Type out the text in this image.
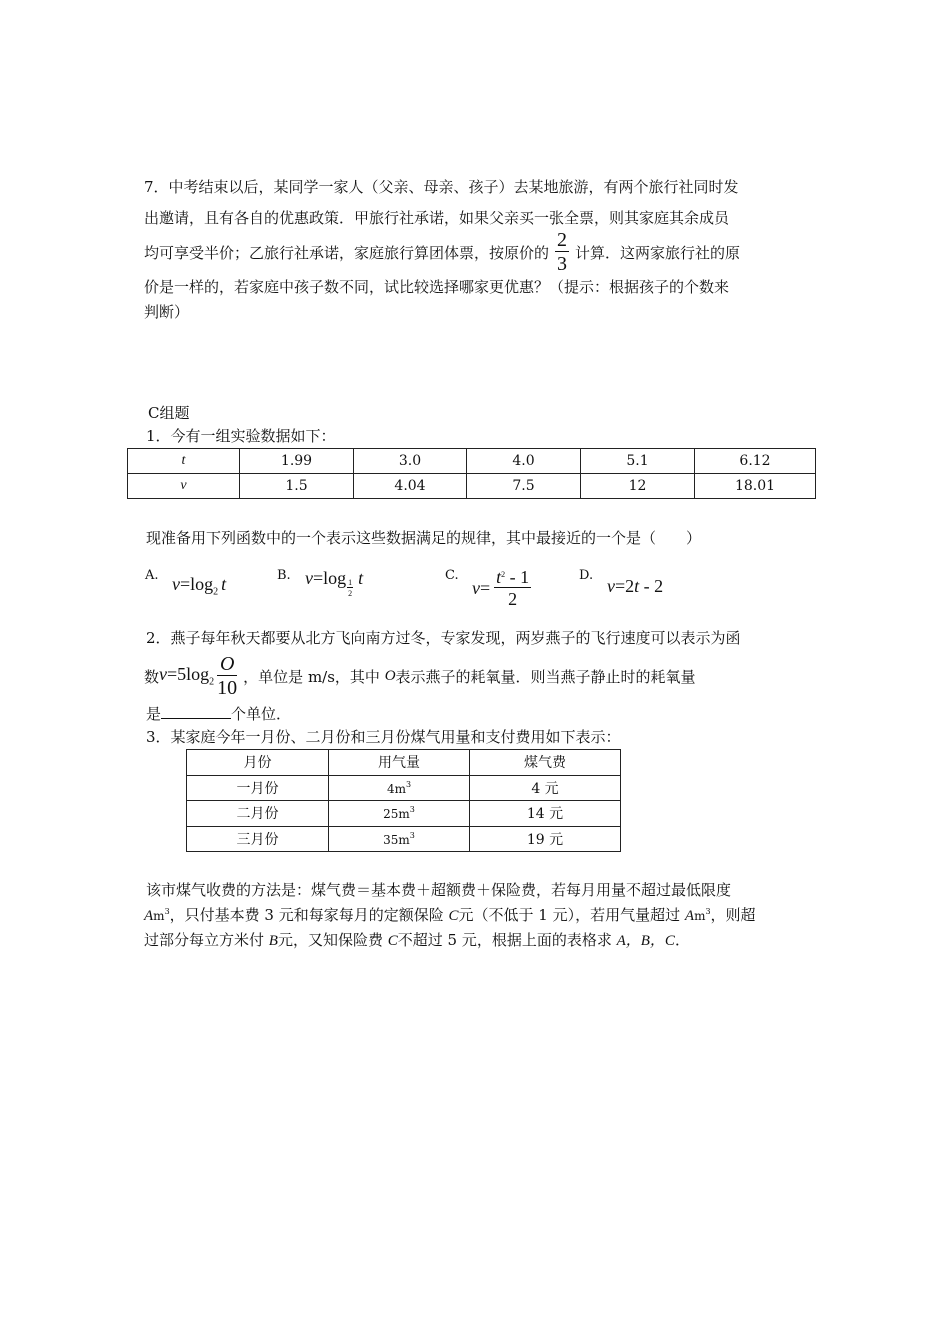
7．中考结束以后，某同学一家人（父亲、母亲、孩子）去某地旅游，有两个旅行社同时发
出邀请，且有各自的优惠政策．甲旅行社承诺，如果父亲买一张全票，则其家庭其余成员
均可享受半价；乙旅行社承诺，家庭旅行算团体票，按原价的 $\frac{2}{3}$ 计算．这两家旅行社的原
价是一样的，若家庭中孩子数不同，试比较选择哪家更优惠？（提示：根据孩子的个数来
判断）
C组题
1．今有一组实验数据如下：
t	1.99	3.0	4.0	5.1	6.12
v	1.5	4.04	7.5	12	18.01
现准备用下列函数中的一个表示这些数据满足的规律，其中最接近的一个是（　　）
A. $v=\log_2$ t	B. v=log
$\frac{1}{2}$
t	C.
$v = \frac{t^2 - 1}{2}$	D.
v=2t - 2
2．燕子每年秋天都要从北方飞向南方过冬，专家发现，两岁燕子的飞行速度可以表示为函
数 $v=5\log_2 \frac{O}{10}$ ，单位是 m/s，其中 O 表示燕子的耗氧量．则当燕子静止时的耗氧量
是	个单位．
3．某家庭今年一月份、二月份和三月份煤气用量和支付费用如下表示：
月份	用气量	煤气费
一月份	$4m^3$	4 元
二月份	$25m^3$	14 元
三月份	$35m^3$	19 元
该市煤气收费的方法是：煤气费＝基本费＋超额费＋保险费，若每月用量不超过最低限度
Am$^3$，只付基本费 3 元和每家每月的定额保险 C元（不低于 1 元），若用气量超过 Am$^3$，则超
过部分每立方米付 B元，又知保险费 C不超过 5 元，根据上面的表格求 A，B，C．
